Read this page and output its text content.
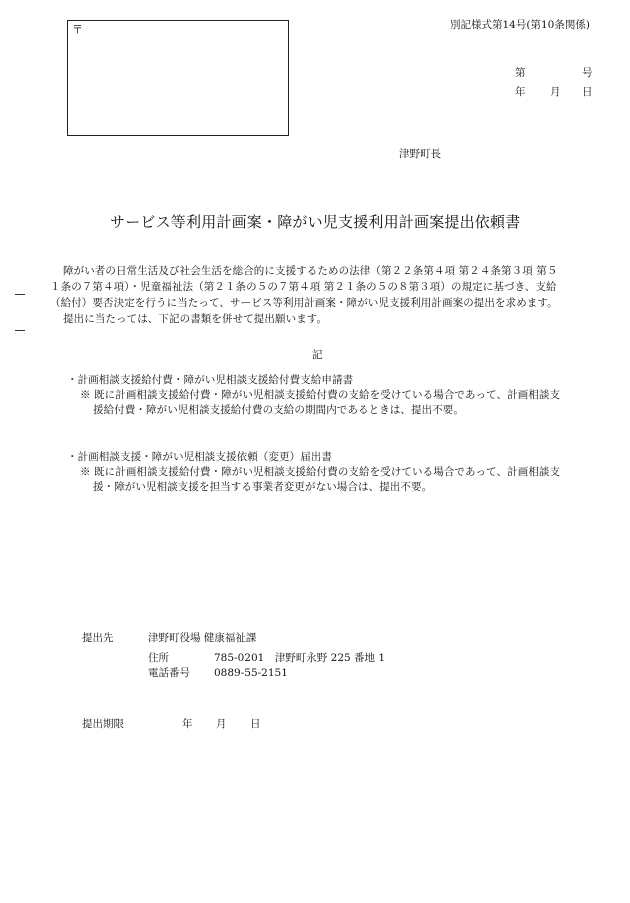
別記様式第14号(第10条関係)
〒
第	号
年 月 日
津野町長
サービス等利用計画案・障がい児支援利用計画案提出依頼書
障がい者の日常生活及び社会生活を総合的に支援するための法律（第２２条第４項 第２４条第３項 第５
１条の７第４項）・児童福祉法（第２１条の５の７第４項 第２１条の５の８第３項）の規定に基づき、支給
（給付）要否決定を行うに当たって、サービス等利用計画案・障がい児支援利用計画案の提出を求めます。
提出に当たっては、下記の書類を併せて提出願います。
記
・計画相談支援給付費・障がい児相談支援給付費支給申請書
※ 既に計画相談支援給付費・障がい児相談支援給付費の支給を受けている場合であって、計画相談支
援給付費・障がい児相談支援給付費の支給の期間内であるときは、提出不要。
・計画相談支援・障がい児相談支援依頼（変更）届出書
※ 既に計画相談支援給付費・障がい児相談支援給付費の支給を受けている場合であって、計画相談支
援・障がい児相談支援を担当する事業者変更がない場合は、提出不要。
提出先	津野町役場 健康福祉課
住所	785-0201　津野町永野 225 番地 1
電話番号 0889-55-2151
提出期限	年 月 日
